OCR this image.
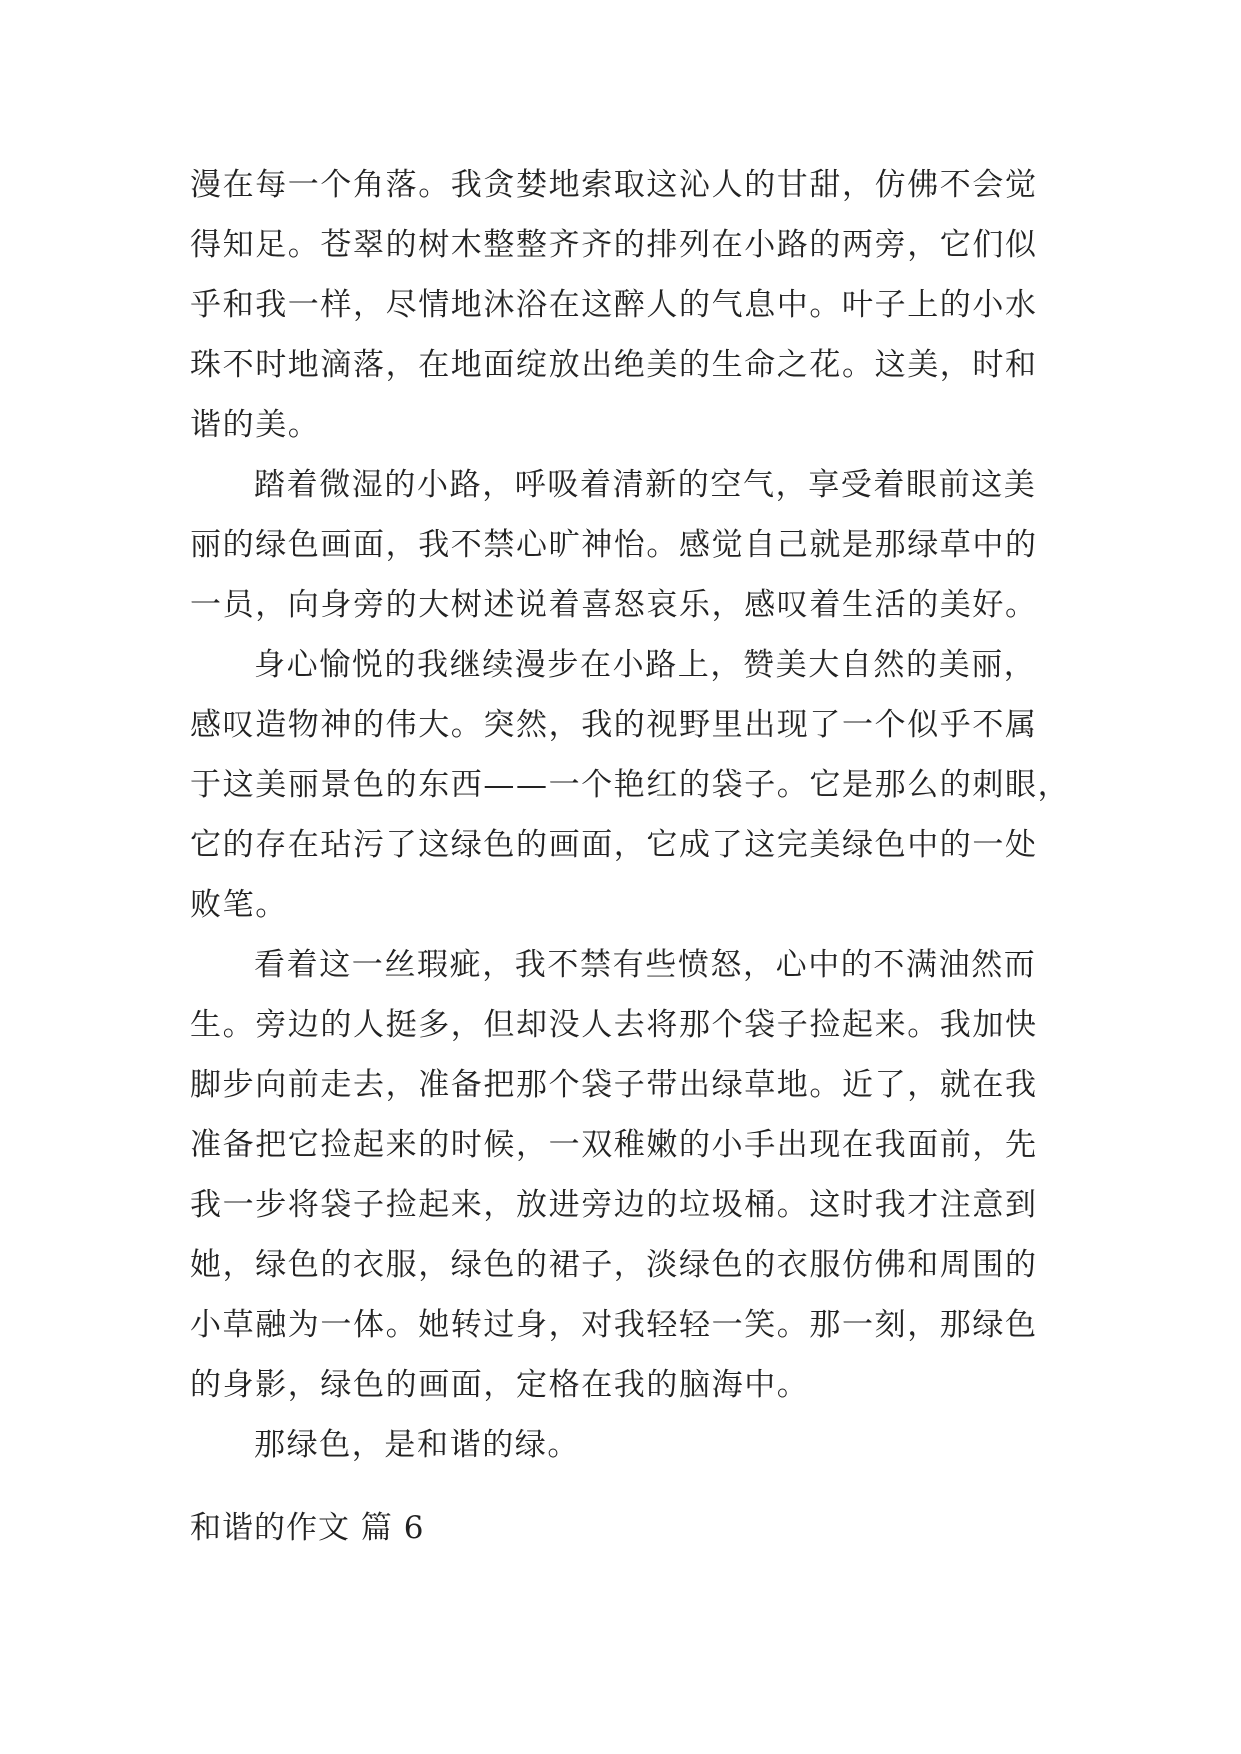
漫在每一个角落。我贪婪地索取这沁人的甘甜，仿佛不会觉
得知足。苍翠的树木整整齐齐的排列在小路的两旁，它们似
乎和我一样，尽情地沐浴在这醉人的气息中。叶子上的小水
珠不时地滴落，在地面绽放出绝美的生命之花。这美，时和
谐的美。
踏着微湿的小路，呼吸着清新的空气，享受着眼前这美
丽的绿色画面，我不禁心旷神怡。感觉自己就是那绿草中的
一员，向身旁的大树述说着喜怒哀乐，感叹着生活的美好。
身心愉悦的我继续漫步在小路上，赞美大自然的美丽，
感叹造物神的伟大。突然，我的视野里出现了一个似乎不属
于这美丽景色的东西——一个艳红的袋子。它是那么的刺眼，
它的存在玷污了这绿色的画面，它成了这完美绿色中的一处
败笔。
看着这一丝瑕疵，我不禁有些愤怒，心中的不满油然而
生。旁边的人挺多，但却没人去将那个袋子捡起来。我加快
脚步向前走去，准备把那个袋子带出绿草地。近了，就在我
准备把它捡起来的时候，一双稚嫩的小手出现在我面前，先
我一步将袋子捡起来，放进旁边的垃圾桶。这时我才注意到
她，绿色的衣服，绿色的裙子，淡绿色的衣服仿佛和周围的
小草融为一体。她转过身，对我轻轻一笑。那一刻，那绿色
的身影，绿色的画面，定格在我的脑海中。
那绿色，是和谐的绿。
和谐的作文 篇 6
